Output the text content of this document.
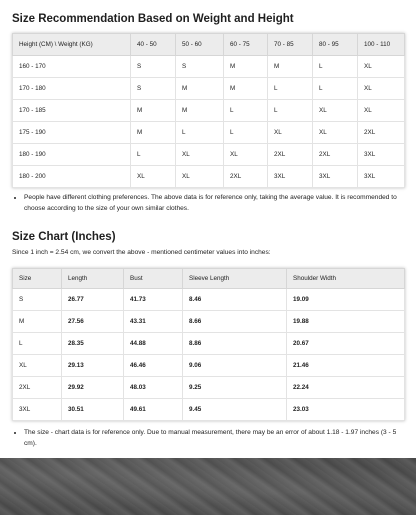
Size Recommendation Based on Weight and Height
Height (CM) \ Weight (KG)	40 - 50	50 - 60	60 - 75	70 - 85	80 - 95	100 - 110
160 - 170	S	S	M	M	L	XL
170 - 180	S	M	M	L	L	XL
170 - 185	M	M	L	L	XL	XL
175 - 190	M	L	L	XL	XL	2XL
180 - 190	L	XL	XL	2XL	2XL	3XL
180 - 200	XL	XL	2XL	3XL	3XL	3XL
• People have different clothing preferences. The above data is for reference only, taking the average value. It is recommended to choose according to the size of your own similar clothes.
Size Chart (Inches)
Since 1 inch = 2.54 cm, we convert the above - mentioned centimeter values into inches:
Size	Length	Bust	Sleeve Length	Shoulder Width
S	26.77	41.73	8.46	19.09
M	27.56	43.31	8.66	19.88
L	28.35	44.88	8.86	20.67
XL	29.13	46.46	9.06	21.46
2XL	29.92	48.03	9.25	22.24
3XL	30.51	49.61	9.45	23.03
• The size - chart data is for reference only. Due to manual measurement, there may be an error of about 1.18 - 1.97 inches (3 - 5 cm).
